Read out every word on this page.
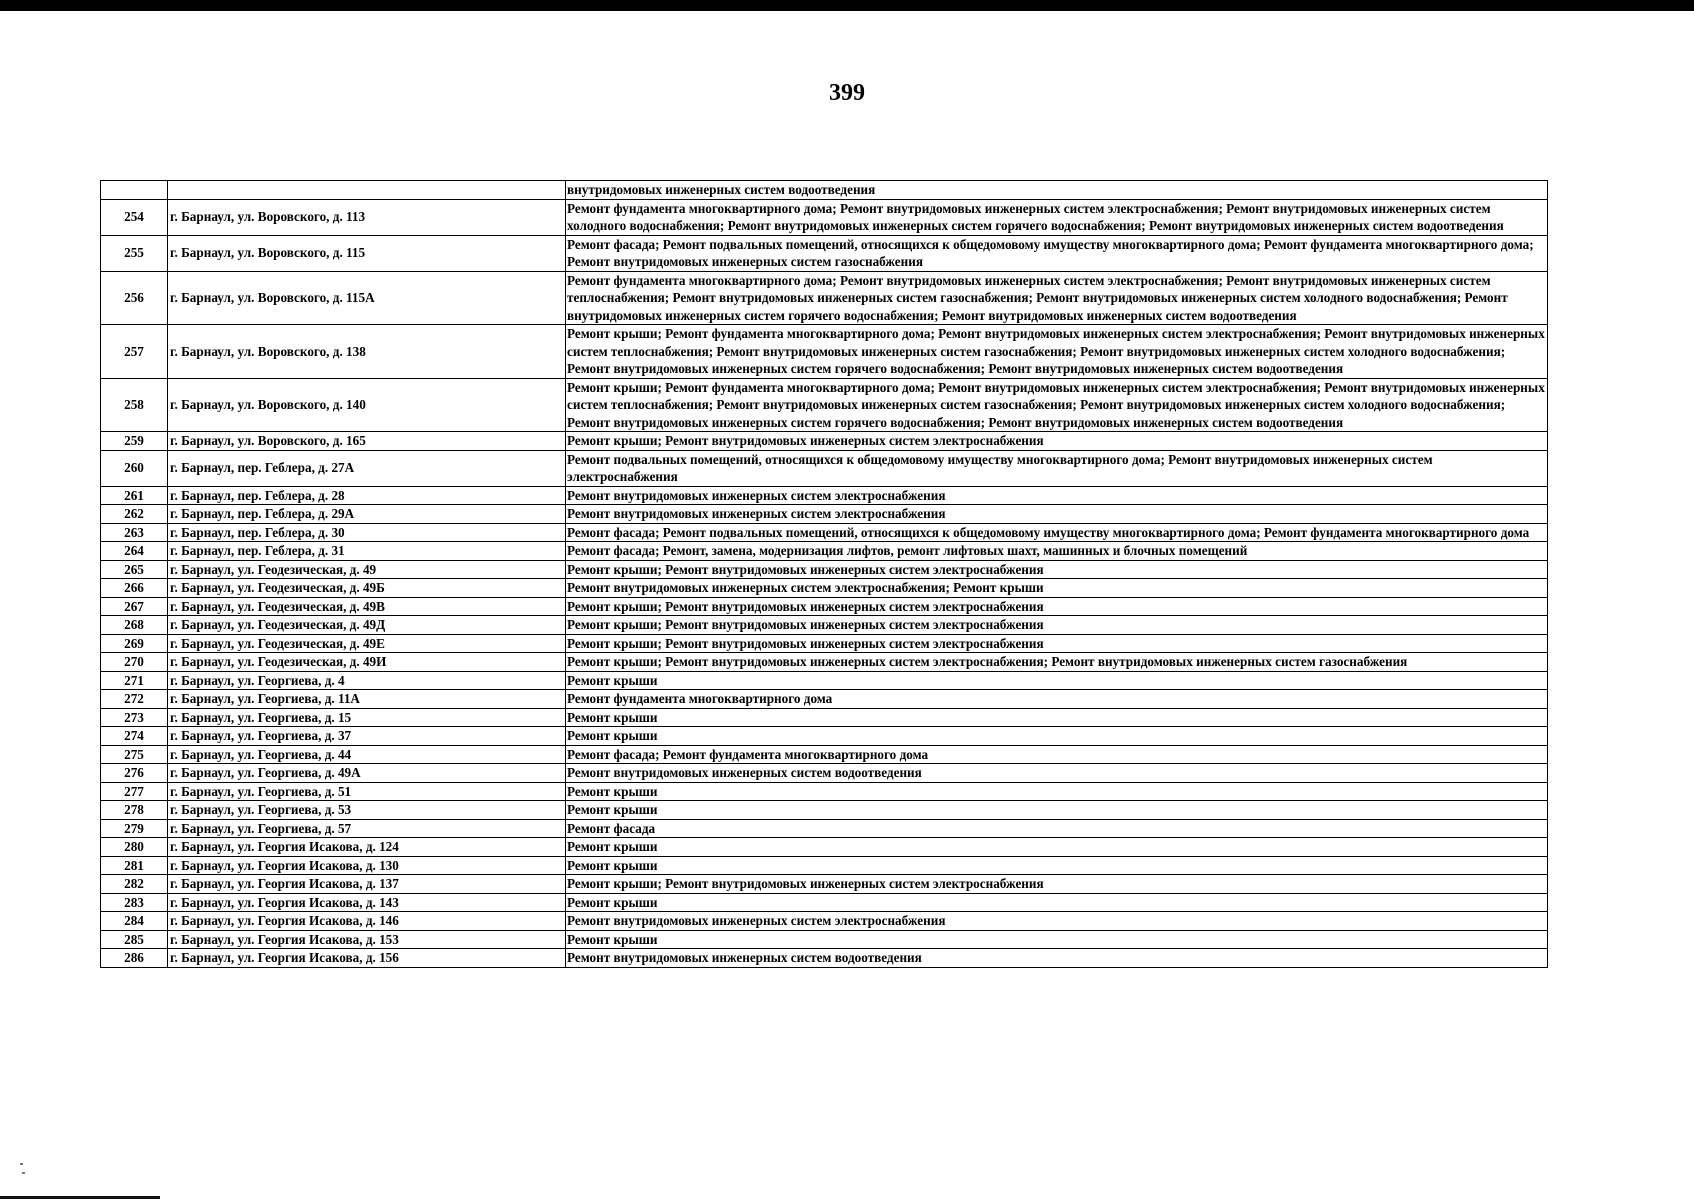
399
		внутридомовых инженерных систем водоотведения
254	г. Барнаул, ул. Воровского, д. 113	Ремонт фундамента многоквартирного дома; Ремонт внутридомовых инженерных систем электроснабжения; Ремонт внутридомовых инженерных систем холодного водоснабжения; Ремонт внутридомовых инженерных систем горячего водоснабжения; Ремонт внутридомовых инженерных систем водоотведения
255	г. Барнаул, ул. Воровского, д. 115	Ремонт фасада; Ремонт подвальных помещений, относящихся к общедомовому имуществу многоквартирного дома; Ремонт фундамента многоквартирного дома; Ремонт внутридомовых инженерных систем газоснабжения
256	г. Барнаул, ул. Воровского, д. 115А	Ремонт фундамента многоквартирного дома; Ремонт внутридомовых инженерных систем электроснабжения; Ремонт внутридомовых инженерных систем теплоснабжения; Ремонт внутридомовых инженерных систем газоснабжения; Ремонт внутридомовых инженерных систем холодного водоснабжения; Ремонт внутридомовых инженерных систем горячего водоснабжения; Ремонт внутридомовых инженерных систем водоотведения
257	г. Барнаул, ул. Воровского, д. 138	Ремонт крыши; Ремонт фундамента многоквартирного дома; Ремонт внутридомовых инженерных систем электроснабжения; Ремонт внутридомовых инженерных систем теплоснабжения; Ремонт внутридомовых инженерных систем газоснабжения; Ремонт внутридомовых инженерных систем холодного водоснабжения; Ремонт внутридомовых инженерных систем горячего водоснабжения; Ремонт внутридомовых инженерных систем водоотведения
258	г. Барнаул, ул. Воровского, д. 140	Ремонт крыши; Ремонт фундамента многоквартирного дома; Ремонт внутридомовых инженерных систем электроснабжения; Ремонт внутридомовых инженерных систем теплоснабжения; Ремонт внутридомовых инженерных систем газоснабжения; Ремонт внутридомовых инженерных систем холодного водоснабжения; Ремонт внутридомовых инженерных систем горячего водоснабжения; Ремонт внутридомовых инженерных систем водоотведения
259	г. Барнаул, ул. Воровского, д. 165	Ремонт крыши; Ремонт внутридомовых инженерных систем электроснабжения
260	г. Барнаул, пер. Геблера, д. 27А	Ремонт подвальных помещений, относящихся к общедомовому имуществу многоквартирного дома; Ремонт внутридомовых инженерных систем электроснабжения
261	г. Барнаул, пер. Геблера, д. 28	Ремонт внутридомовых инженерных систем электроснабжения
262	г. Барнаул, пер. Геблера, д. 29А	Ремонт внутридомовых инженерных систем электроснабжения
263	г. Барнаул, пер. Геблера, д. 30	Ремонт фасада; Ремонт подвальных помещений, относящихся к общедомовому имуществу многоквартирного дома; Ремонт фундамента многоквартирного дома
264	г. Барнаул, пер. Геблера, д. 31	Ремонт фасада; Ремонт, замена, модернизация лифтов, ремонт лифтовых шахт, машинных и блочных помещений
265	г. Барнаул, ул. Геодезическая, д. 49	Ремонт крыши; Ремонт внутридомовых инженерных систем электроснабжения
266	г. Барнаул, ул. Геодезическая, д. 49Б	Ремонт внутридомовых инженерных систем электроснабжения; Ремонт крыши
267	г. Барнаул, ул. Геодезическая, д. 49В	Ремонт крыши; Ремонт внутридомовых инженерных систем электроснабжения
268	г. Барнаул, ул. Геодезическая, д. 49Д	Ремонт крыши; Ремонт внутридомовых инженерных систем электроснабжения
269	г. Барнаул, ул. Геодезическая, д. 49Е	Ремонт крыши; Ремонт внутридомовых инженерных систем электроснабжения
270	г. Барнаул, ул. Геодезическая, д. 49И	Ремонт крыши; Ремонт внутридомовых инженерных систем электроснабжения; Ремонт внутридомовых инженерных систем газоснабжения
271	г. Барнаул, ул. Георгиева, д. 4	Ремонт крыши
272	г. Барнаул, ул. Георгиева, д. 11А	Ремонт фундамента многоквартирного дома
273	г. Барнаул, ул. Георгиева, д. 15	Ремонт крыши
274	г. Барнаул, ул. Георгиева, д. 37	Ремонт крыши
275	г. Барнаул, ул. Георгиева, д. 44	Ремонт фасада; Ремонт фундамента многоквартирного дома
276	г. Барнаул, ул. Георгиева, д. 49А	Ремонт внутридомовых инженерных систем водоотведения
277	г. Барнаул, ул. Георгиева, д. 51	Ремонт крыши
278	г. Барнаул, ул. Георгиева, д. 53	Ремонт крыши
279	г. Барнаул, ул. Георгиева, д. 57	Ремонт фасада
280	г. Барнаул, ул. Георгия Исакова, д. 124	Ремонт крыши
281	г. Барнаул, ул. Георгия Исакова, д. 130	Ремонт крыши
282	г. Барнаул, ул. Георгия Исакова, д. 137	Ремонт крыши; Ремонт внутридомовых инженерных систем электроснабжения
283	г. Барнаул, ул. Георгия Исакова, д. 143	Ремонт крыши
284	г. Барнаул, ул. Георгия Исакова, д. 146	Ремонт внутридомовых инженерных систем электроснабжения
285	г. Барнаул, ул. Георгия Исакова, д. 153	Ремонт крыши
286	г. Барнаул, ул. Георгия Исакова, д. 156	Ремонт внутридомовых инженерных систем водоотведения
